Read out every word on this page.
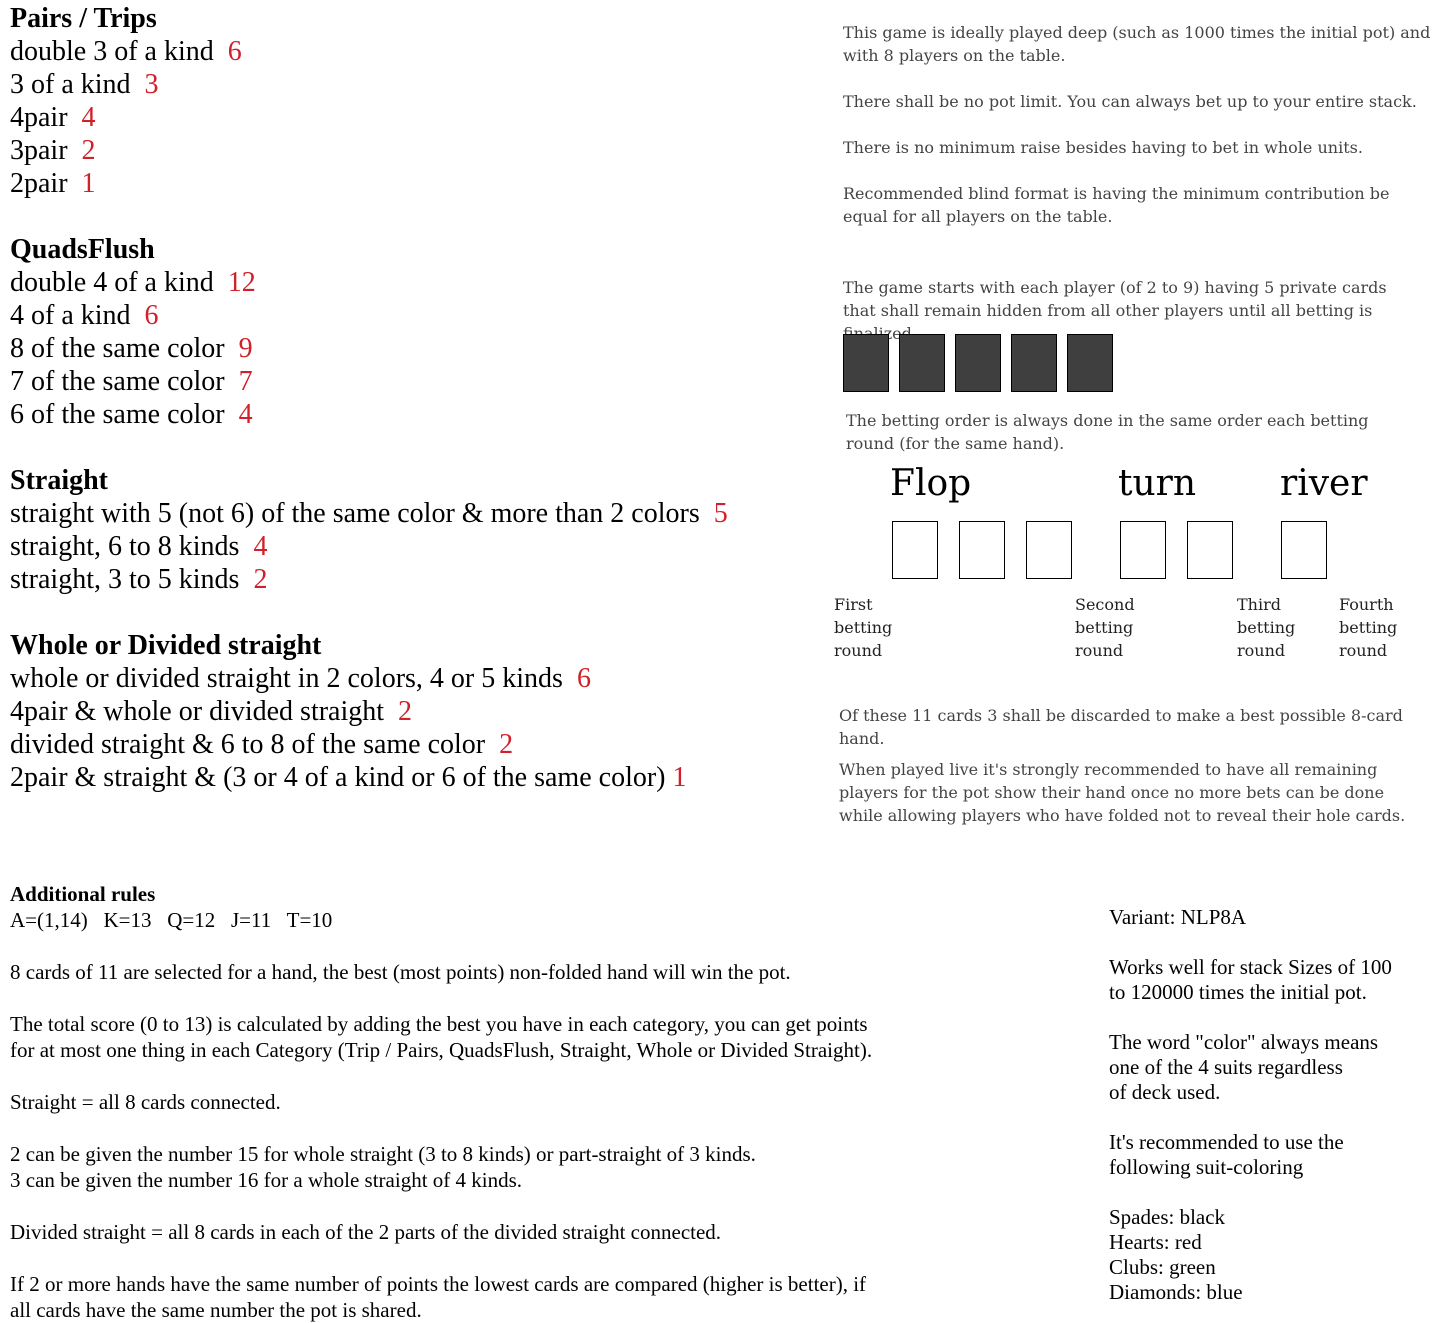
Pairs / Trips
double 3 of a kind 6
3 of a kind 3
4pair 4
3pair 2
2pair 1
QuadsFlush
double 4 of a kind 12
4 of a kind 6
8 of the same color 9
7 of the same color 7
6 of the same color 4
Straight
straight with 5 (not 6) of the same color & more than 2 colors 5
straight, 6 to 8 kinds 4
straight, 3 to 5 kinds 2
Whole or Divided straight
whole or divided straight in 2 colors, 4 or 5 kinds 6
4pair & whole or divided straight 2
divided straight & 6 to 8 of the same color 2
2pair & straight & (3 or 4 of a kind or 6 of the same color) 1
This game is ideally played deep (such as 1000 times the initial pot) and with 8 players on the table.
There shall be no pot limit. You can always bet up to your entire stack.
There is no minimum raise besides having to bet in whole units.
Recommended blind format is having the minimum contribution be equal for all players on the table.
The game starts with each player (of 2 to 9) having 5 private cards that shall remain hidden from all other players until all betting is
The betting order is always done in the same order each betting round (for the same hand).
Flop	turn river
First
betting
round
Second
betting
round
Third
betting
round
Fourth
betting
round
Of these 11 cards 3 shall be discarded to make a best possible 8-card hand.
When played live it's strongly recommended to have all remaining players for the pot show their hand once no more bets can be done while allowing players who have folded not to reveal their hole cards.
Additional rules
A=(1,14)   K=13   Q=12   J=11   T=10
8 cards of 11 are selected for a hand, the best (most points) non-folded hand will win the pot.
The total score (0 to 13) is calculated by adding the best you have in each category, you can get points
for at most one thing in each Category (Trip / Pairs, QuadsFlush, Straight, Whole or Divided Straight).
Straight = all 8 cards connected.
2 can be given the number 15 for whole straight (3 to 8 kinds) or part-straight of 3 kinds.
3 can be given the number 16 for a whole straight of 4 kinds.
Divided straight = all 8 cards in each of the 2 parts of the divided straight connected.
If 2 or more hands have the same number of points the lowest cards are compared (higher is better), if
all cards have the same number the pot is shared.
Variant: NLP8A
Works well for stack Sizes of 100
to 120000 times the initial pot.
The word "color" always means
one of the 4 suits regardless
of deck used.
It's recommended to use the
following suit-coloring
Spades: black
Hearts: red
Clubs: green
Diamonds: blue
